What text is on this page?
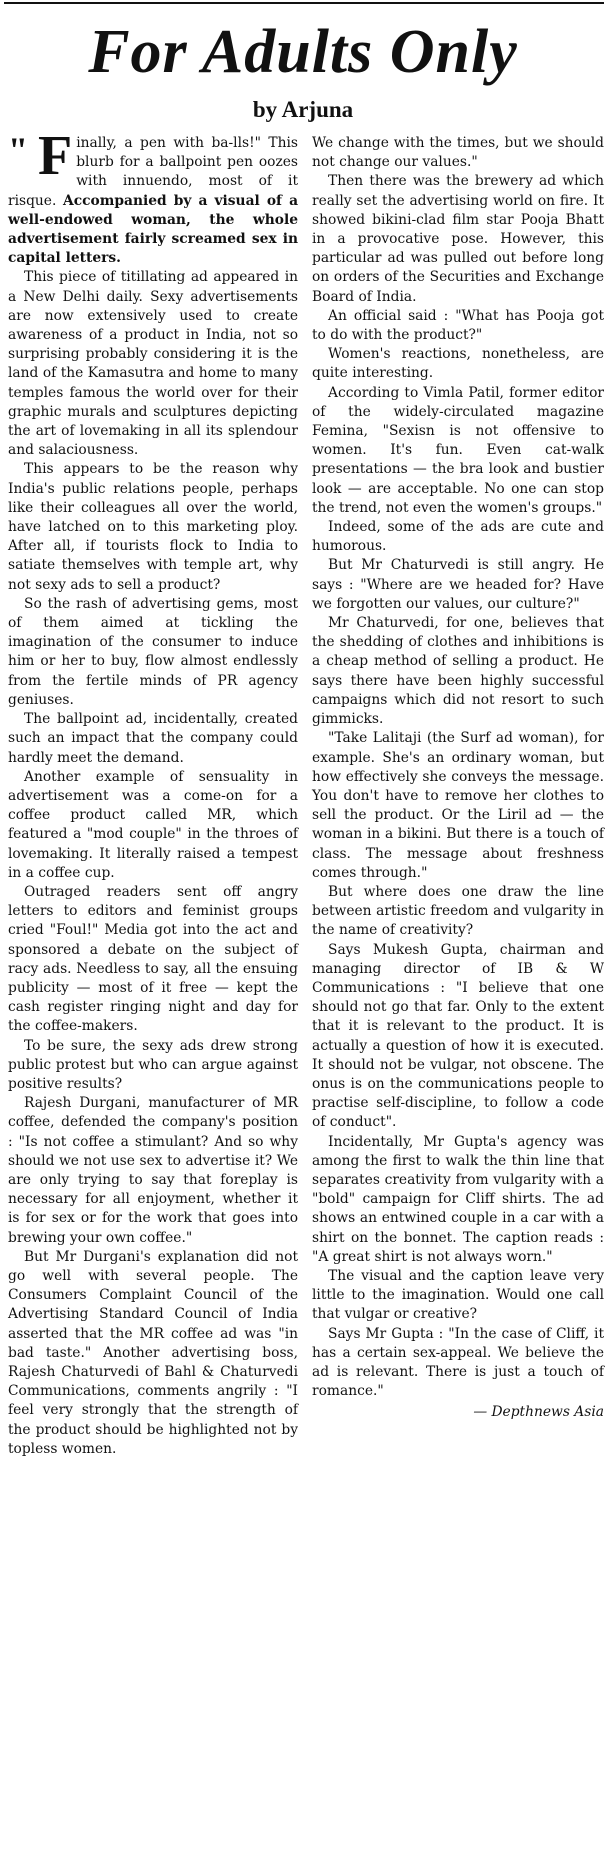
For Adults Only
by Arjuna
" F inally, a pen with ba-lls!" This blurb for a ballpoint pen oozes with innuendo, most of it risque. Accompanied by a visual of a well-endowed woman, the whole advertisement fairly screamed sex in capital letters.

This piece of titillating ad appeared in a New Delhi daily. Sexy advertisements are now extensively used to create awareness of a product in India, not so surprising probably considering it is the land of the Kamasutra and home to many temples famous the world over for their graphic murals and sculptures depicting the art of lovemaking in all its splendour and salaciousness.

This appears to be the reason why India's public relations people, perhaps like their colleagues all over the world, have latched on to this marketing ploy. After all, if tourists flock to India to satiate themselves with temple art, why not sexy ads to sell a product?

So the rash of advertising gems, most of them aimed at tickling the imagination of the consumer to induce him or her to buy, flow almost endlessly from the fertile minds of PR agency geniuses.

The ballpoint ad, incidentally, created such an impact that the company could hardly meet the demand.

Another example of sensuality in advertisement was a come-on for a coffee product called MR, which featured a "mod couple" in the throes of lovemaking. It literally raised a tempest in a coffee cup.

Outraged readers sent off angry letters to editors and feminist groups cried "Foul!" Media got into the act and sponsored a debate on the subject of racy ads. Needless to say, all the ensuing publicity — most of it free — kept the cash register ringing night and day for the coffee-makers.

To be sure, the sexy ads drew strong public protest but who can argue against positive results?

Rajesh Durgani, manufacturer of MR coffee, defended the company's position : "Is not coffee a stimulant? And so why should we not use sex to advertise it? We are only trying to say that foreplay is necessary for all enjoyment, whether it is for sex or for the work that goes into brewing your own coffee."

But Mr Durgani's explanation did not go well with several people. The Consumers Complaint Council of the Advertising Standard Council of India asserted that the MR coffee ad was "in bad taste." Another advertising boss, Rajesh Chaturvedi of Bahl & Chaturvedi Communications, comments angrily : "I feel very strongly that the strength of the product should be highlighted not by topless women.

We change with the times, but we should not change our values."

Then there was the brewery ad which really set the advertising world on fire. It showed bikini-clad film star Pooja Bhatt in a provocative pose. However, this particular ad was pulled out before long on orders of the Securities and Exchange Board of India.

An official said : "What has Pooja got to do with the product?"

Women's reactions, nonetheless, are quite interesting.

According to Vimla Patil, former editor of the widely-circulated magazine Femina, "Sexisn is not offensive to women. It's fun. Even cat-walk presentations — the bra look and bustier look — are acceptable. No one can stop the trend, not even the women's groups."

Indeed, some of the ads are cute and humorous.

But Mr Chaturvedi is still angry. He says : "Where are we headed for? Have we forgotten our values, our culture?"

Mr Chaturvedi, for one, believes that the shedding of clothes and inhibitions is a cheap method of selling a product. He says there have been highly successful campaigns which did not resort to such gimmicks.

"Take Lalitaji (the Surf ad woman), for example. She's an ordinary woman, but how effectively she conveys the message. You don't have to remove her clothes to sell the product. Or the Liril ad — the woman in a bikini. But there is a touch of class. The message about freshness comes through."

But where does one draw the line between artistic freedom and vulgarity in the name of creativity?

Says Mukesh Gupta, chairman and managing director of IB & W Communications : "I believe that one should not go that far. Only to the extent that it is relevant to the product. It is actually a question of how it is executed. It should not be vulgar, not obscene. The onus is on the communications people to practise self-discipline, to follow a code of conduct".

Incidentally, Mr Gupta's agency was among the first to walk the thin line that separates creativity from vulgarity with a "bold" campaign for Cliff shirts. The ad shows an entwined couple in a car with a shirt on the bonnet. The caption reads : "A great shirt is not always worn."

The visual and the caption leave very little to the imagination. Would one call that vulgar or creative?

Says Mr Gupta : "In the case of Cliff, it has a certain sex-appeal. We believe the ad is relevant. There is just a touch of romance."

— Depthnews Asia
